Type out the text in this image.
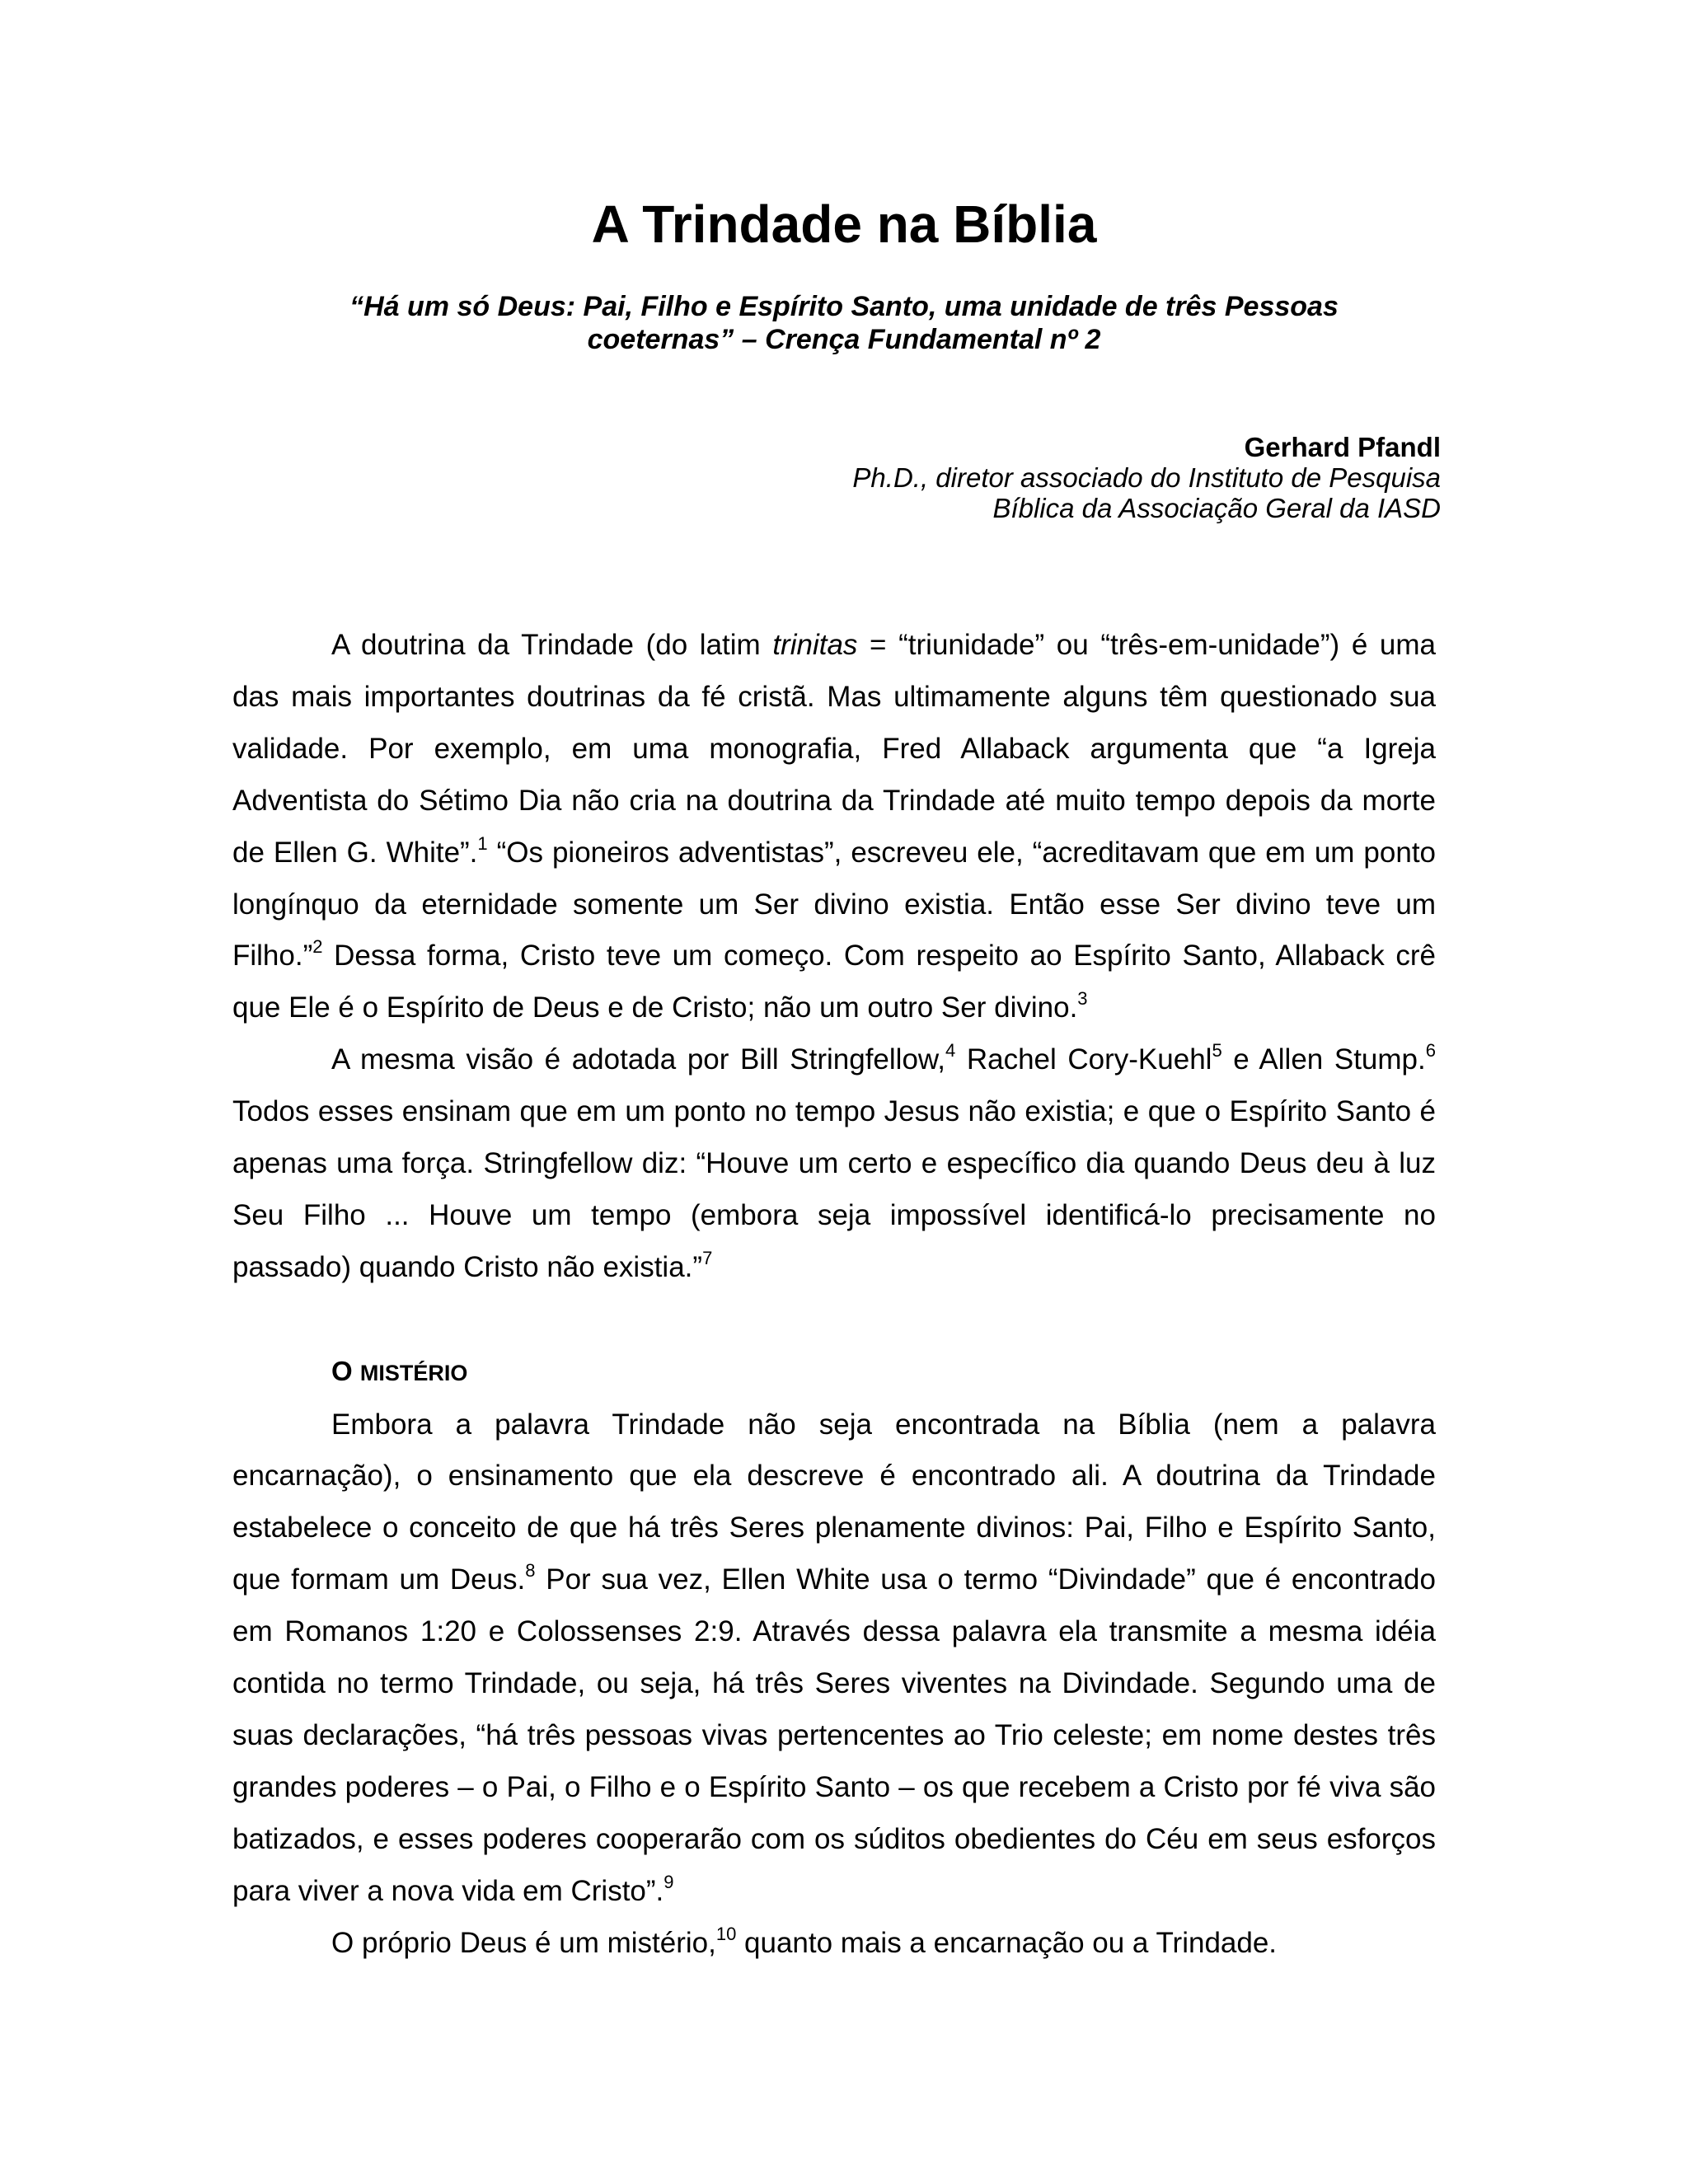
A Trindade na Bíblia
“Há um só Deus: Pai, Filho e Espírito Santo, uma unidade de três Pessoas
coeternas” – Crença Fundamental nº 2
Gerhard Pfandl
Ph.D., diretor associado do Instituto de Pesquisa
Bíblica da Associação Geral da IASD

A doutrina da Trindade (do latim trinitas = “triunidade” ou “três-em-unidade”) é uma das mais importantes doutrinas da fé cristã. Mas ultimamente alguns têm questionado sua validade. Por exemplo, em uma monografia, Fred Allaback argumenta que “a Igreja Adventista do Sétimo Dia não cria na doutrina da Trindade até muito tempo depois da morte de Ellen G. White”.$^1$ “Os pioneiros adventistas”, escreveu ele, “acreditavam que em um ponto longínquo da eternidade somente um Ser divino existia. Então esse Ser divino teve um Filho.”$^2$ Dessa forma, Cristo teve um começo. Com respeito ao Espírito Santo, Allaback crê que Ele é o Espírito de Deus e de Cristo; não um outro Ser divino.$^3$

A mesma visão é adotada por Bill Stringfellow,$^4$ Rachel Cory-Kuehl$^5$ e Allen Stump.$^6$ Todos esses ensinam que em um ponto no tempo Jesus não existia; e que o Espírito Santo é apenas uma força. Stringfellow diz: “Houve um certo e específico dia quando Deus deu à luz Seu Filho ... Houve um tempo (embora seja impossível identificá-lo precisamente no passado) quando Cristo não existia.”$^7$

O MISTÉRIO

Embora a palavra Trindade não seja encontrada na Bíblia (nem a palavra encarnação), o ensinamento que ela descreve é encontrado ali. A doutrina da Trindade estabelece o conceito de que há três Seres plenamente divinos: Pai, Filho e Espírito Santo, que formam um Deus.$^8$ Por sua vez, Ellen White usa o termo “Divindade” que é encontrado em Romanos 1:20 e Colossenses 2:9. Através dessa palavra ela transmite a mesma idéia contida no termo Trindade, ou seja, há três Seres viventes na Divindade. Segundo uma de suas declarações, “há três pessoas vivas pertencentes ao Trio celeste; em nome destes três grandes poderes – o Pai, o Filho e o Espírito Santo – os que recebem a Cristo por fé viva são batizados, e esses poderes cooperarão com os súditos obedientes do Céu em seus esforços para viver a nova vida em Cristo”.$^9$

O próprio Deus é um mistério,$^{10}$ quanto mais a encarnação ou a Trindade.
